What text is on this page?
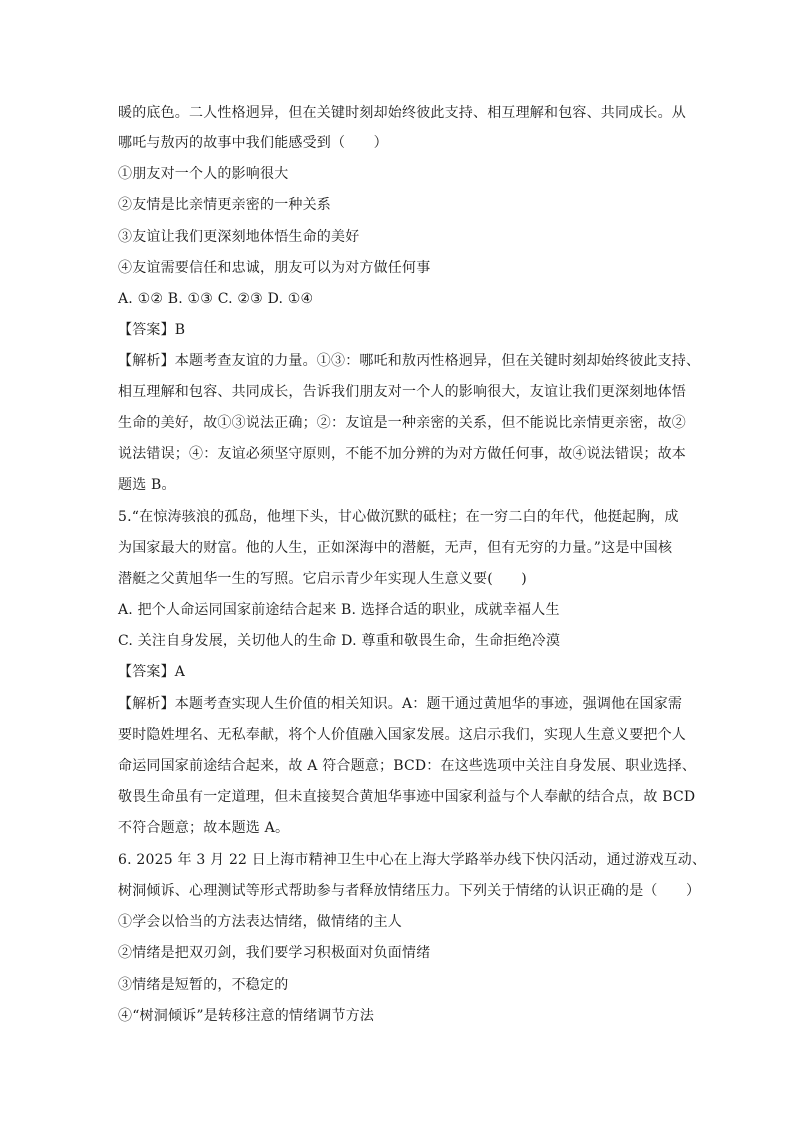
暖的底色。二人性格迥异，但在关键时刻却始终彼此支持、相互理解和包容、共同成长。从
哪吒与敖丙的故事中我们能感受到（　　）
①朋友对一个人的影响很大
②友情是比亲情更亲密的一种关系
③友谊让我们更深刻地体悟生命的美好
④友谊需要信任和忠诚，朋友可以为对方做任何事
A. ①② B. ①③ C. ②③ D. ①④
【答案】B
【解析】本题考查友谊的力量。①③：哪吒和敖丙性格迥异，但在关键时刻却始终彼此支持、
相互理解和包容、共同成长，告诉我们朋友对一个人的影响很大，友谊让我们更深刻地体悟
生命的美好，故①③说法正确；②：友谊是一种亲密的关系，但不能说比亲情更亲密，故②
说法错误；④：友谊必须坚守原则，不能不加分辨的为对方做任何事，故④说法错误；故本
题选 B。
5.“在惊涛骇浪的孤岛，他埋下头，甘心做沉默的砥柱；在一穷二白的年代，他挺起胸，成
为国家最大的财富。他的人生，正如深海中的潜艇，无声，但有无穷的力量。”这是中国核
潜艇之父黄旭华一生的写照。它启示青少年实现人生意义要(　　)
A. 把个人命运同国家前途结合起来 B. 选择合适的职业，成就幸福人生
C. 关注自身发展，关切他人的生命 D. 尊重和敬畏生命，生命拒绝冷漠
【答案】A
【解析】本题考查实现人生价值的相关知识。A：题干通过黄旭华的事迹，强调他在国家需
要时隐姓埋名、无私奉献，将个人价值融入国家发展。这启示我们，实现人生意义要把个人
命运同国家前途结合起来，故 A 符合题意；BCD：在这些选项中关注自身发展、职业选择、
敬畏生命虽有一定道理，但未直接契合黄旭华事迹中国家利益与个人奉献的结合点，故 BCD
不符合题意；故本题选 A。
6. 2025 年 3 月 22 日上海市精神卫生中心在上海大学路举办线下快闪活动，通过游戏互动、
树洞倾诉、心理测试等形式帮助参与者释放情绪压力。下列关于情绪的认识正确的是（　　）
①学会以恰当的方法表达情绪，做情绪的主人
②情绪是把双刃剑，我们要学习积极面对负面情绪
③情绪是短暂的，不稳定的
④“树洞倾诉”是转移注意的情绪调节方法
